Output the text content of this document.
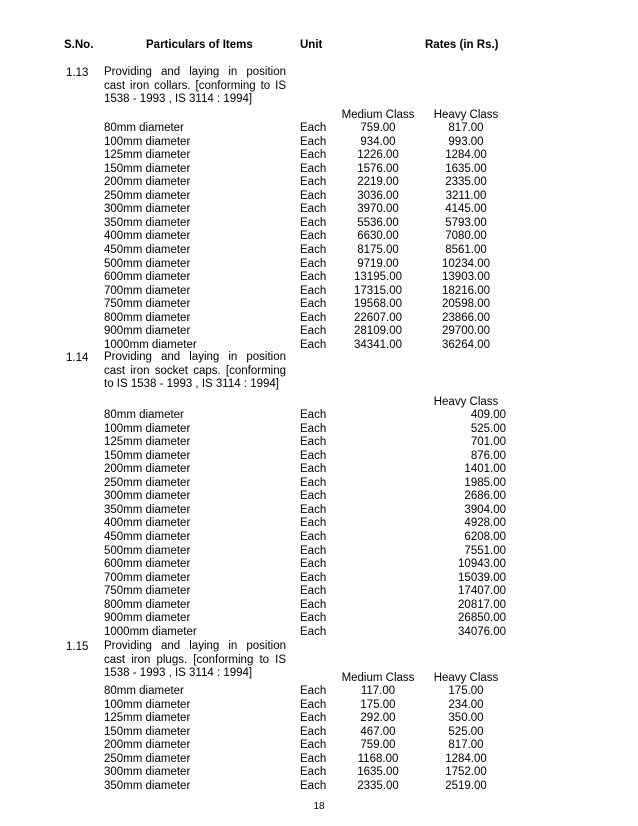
S.No.	Particulars of Items	Unit	Rates (in Rs.)
1.13 Providing and laying in position cast iron collars. [conforming to IS 1538 - 1993 , IS 3114 : 1994]
Medium Class	Heavy Class
80mm diameter	Each	759.00	817.00
100mm diameter	Each	934.00	993.00
125mm diameter	Each	1226.00	1284.00
150mm diameter	Each	1576.00	1635.00
200mm diameter	Each	2219.00	2335.00
250mm diameter	Each	3036.00	3211.00
300mm diameter	Each	3970.00	4145.00
350mm diameter	Each	5536.00	5793.00
400mm diameter	Each	6630.00	7080.00
450mm diameter	Each	8175.00	8561.00
500mm diameter	Each	9719.00	10234.00
600mm diameter	Each	13195.00	13903.00
700mm diameter	Each	17315.00	18216.00
750mm diameter	Each	19568.00	20598.00
800mm diameter	Each	22607.00	23866.00
900mm diameter	Each	28109.00	29700.00
1000mm diameter	Each	34341.00	36264.00
1.14 Providing and laying in position cast iron socket caps. [conforming to IS 1538 - 1993 , IS 3114 : 1994]
Heavy Class
80mm diameter	Each	409.00
100mm diameter	Each	525.00
125mm diameter	Each	701.00
150mm diameter	Each	876.00
200mm diameter	Each	1401.00
250mm diameter	Each	1985.00
300mm diameter	Each	2686.00
350mm diameter	Each	3904.00
400mm diameter	Each	4928.00
450mm diameter	Each	6208.00
500mm diameter	Each	7551.00
600mm diameter	Each	10943.00
700mm diameter	Each	15039.00
750mm diameter	Each	17407.00
800mm diameter	Each	20817.00
900mm diameter	Each	26850.00
1000mm diameter	Each	34076.00
1.15 Providing and laying in position cast iron plugs. [conforming to IS 1538 - 1993 , IS 3114 : 1994]	Medium Class	Heavy Class
80mm diameter	Each	117.00	175.00
100mm diameter	Each	175.00	234.00
125mm diameter	Each	292.00	350.00
150mm diameter	Each	467.00	525.00
200mm diameter	Each	759.00	817.00
250mm diameter	Each	1168.00	1284.00
300mm diameter	Each	1635.00	1752.00
350mm diameter	Each	2335.00	2519.00
18
